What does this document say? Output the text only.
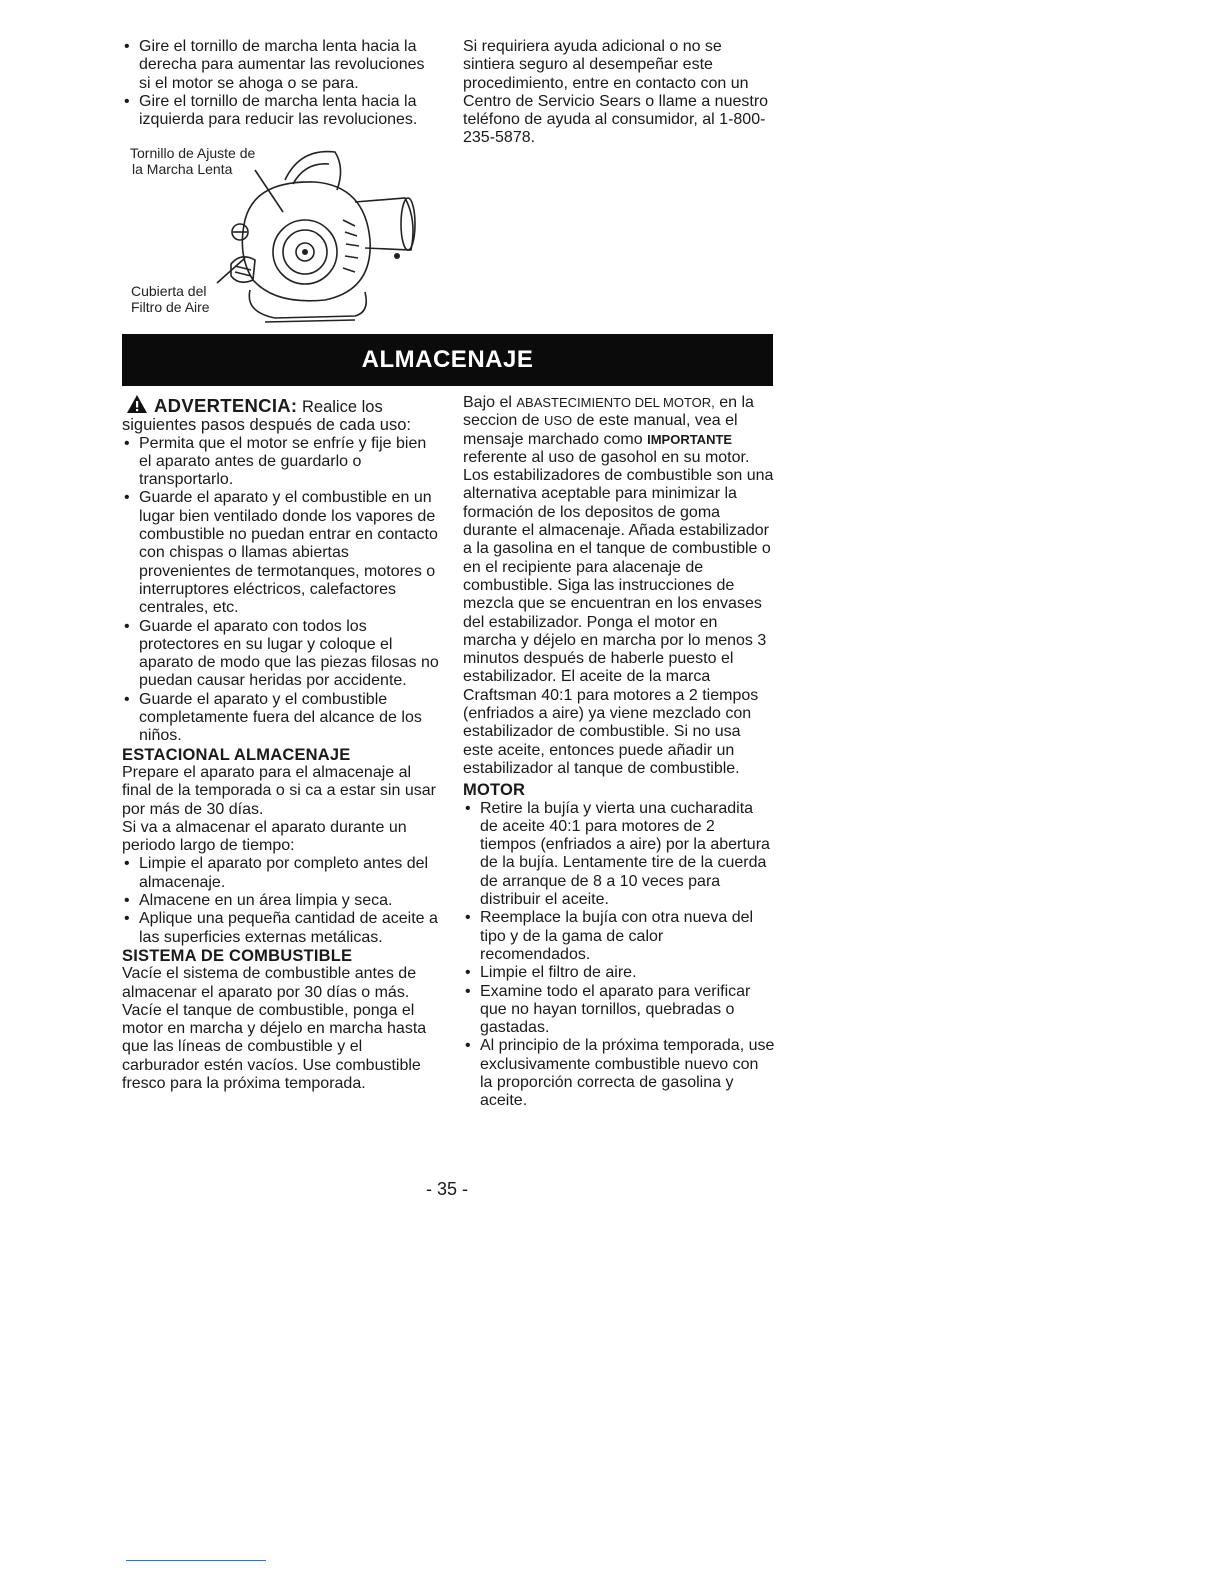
• Gire el tornillo de marcha lenta hacia la derecha para aumentar las revoluciones si el motor se ahoga o se para.
• Gire el tornillo de marcha lenta hacia la izquierda para reducir las revoluciones.

Si requiriera ayuda adicional o no se sintiera seguro al desempeñar este procedimiento, entre en contacto con un Centro de Servicio Sears o llame a nuestro teléfono de ayuda al consumidor, al 1-800-235-5878.

Tornillo de Ajuste de
la Marcha Lenta
Cubierta del
Filtro de Aire
ALMACENAJE

ADVERTENCIA: Realice los siguientes pasos después de cada uso:

• Permita que el motor se enfríe y fije bien el aparato antes de guardarlo o transportarlo.
• Guarde el aparato y el combustible en un lugar bien ventilado donde los vapores de combustible no puedan entrar en contacto con chispas o llamas abiertas provenientes de termotanques, motores o interruptores eléctricos, calefactores centrales, etc.
• Guarde el aparato con todos los protectores en su lugar y coloque el aparato de modo que las piezas filosas no puedan causar heridas por accidente.
• Guarde el aparato y el combustible completamente fuera del alcance de los niños.

ESTACIONAL ALMACENAJE

Prepare el aparato para el almacenaje al final de la temporada o si ca a estar sin usar por más de 30 días.

Si va a almacenar el aparato durante un periodo largo de tiempo:

• Limpie el aparato por completo antes del almacenaje.
• Almacene en un área limpia y seca.
• Aplique una pequeña cantidad de aceite a las superficies externas metálicas.

SISTEMA DE COMBUSTIBLE

Vacíe el sistema de combustible antes de almacenar el aparato por 30 días o más. Vacíe el tanque de combustible, ponga el motor en marcha y déjelo en marcha hasta que las líneas de combustible y el carburador estén vacíos. Use combustible fresco para la próxima temporada.

Bajo el ABASTECIMIENTO DEL MOTOR, en la seccion de USO de este manual, vea el mensaje marchado como IMPORTANTE referente al uso de gasohol en su motor.

Los estabilizadores de combustible son una alternativa aceptable para minimizar la formación de los depositos de goma durante el almacenaje. Añada estabilizador a la gasolina en el tanque de combustible o en el recipiente para alacenaje de combustible. Siga las instrucciones de mezcla que se encuentran en los envases del estabilizador. Ponga el motor en marcha y déjelo en marcha por lo menos 3 minutos después de haberle puesto el estabilizador. El aceite de la marca Craftsman 40:1 para motores a 2 tiempos (enfriados a aire) ya viene mezclado con estabilizador de combustible. Si no usa este aceite, entonces puede añadir un estabilizador al tanque de combustible.

MOTOR

• Retire la bujía y vierta una cucharadita de aceite 40:1 para motores de 2 tiempos (enfriados a aire) por la abertura de la bujía. Lentamente tire de la cuerda de arranque de 8 a 10 veces para distribuir el aceite.
• Reemplace la bujía con otra nueva del tipo y de la gama de calor recomendados.
• Limpie el filtro de aire.
• Examine todo el aparato para verificar que no hayan tornillos, quebradas o gastadas.
• Al principio de la próxima temporada, use exclusivamente combustible nuevo con la proporción correcta de gasolina y aceite.
- 35 -
